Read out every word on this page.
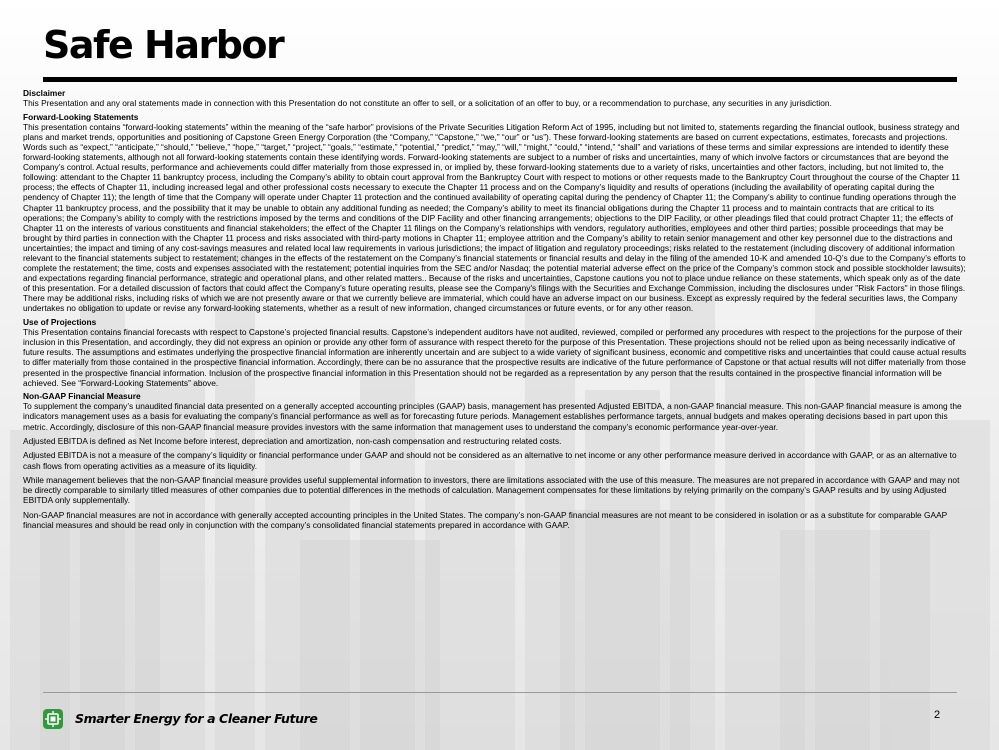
Safe Harbor
Disclaimer

This Presentation and any oral statements made in connection with this Presentation do not constitute an offer to sell, or a solicitation of an offer to buy, or a recommendation to purchase, any securities in any jurisdiction.

Forward-Looking Statements

This presentation contains “forward-looking statements” within the meaning of the “safe harbor” provisions of the Private Securities Litigation Reform Act of 1995, including but not limited to, statements regarding the financial outlook, business strategy and plans and market trends, opportunities and positioning of Capstone Green Energy Corporation (the “Company,” “Capstone,” “we,” “our” or “us”). These forward-looking statements are based on current expectations, estimates, forecasts and projections. Words such as “expect,” “anticipate,” “should,” “believe,” “hope,” “target,” “project,” “goals,” “estimate,” “potential,” “predict,” “may,” “will,” “might,” “could,” “intend,” “shall” and variations of these terms and similar expressions are intended to identify these forward-looking statements, although not all forward-looking statements contain these identifying words. Forward-looking statements are subject to a number of risks and uncertainties, many of which involve factors or circumstances that are beyond the Company’s control. Actual results, performance and achievements could differ materially from those expressed in, or implied by, these forward-looking statements due to a variety of risks, uncertainties and other factors, including, but not limited to, the following: attendant to the Chapter 11 bankruptcy process, including the Company’s ability to obtain court approval from the Bankruptcy Court with respect to motions or other requests made to the Bankruptcy Court throughout the course of the Chapter 11 process; the effects of Chapter 11, including increased legal and other professional costs necessary to execute the Chapter 11 process and on the Company’s liquidity and results of operations (including the availability of operating capital during the pendency of Chapter 11); the length of time that the Company will operate under Chapter 11 protection and the continued availability of operating capital during the pendency of Chapter 11; the Company’s ability to continue funding operations through the Chapter 11 bankruptcy process, and the possibility that it may be unable to obtain any additional funding as needed; the Company’s ability to meet its financial obligations during the Chapter 11 process and to maintain contracts that are critical to its operations; the Company’s ability to comply with the restrictions imposed by the terms and conditions of the DIP Facility and other financing arrangements; objections to the DIP Facility, or other pleadings filed that could protract Chapter 11; the effects of Chapter 11 on the interests of various constituents and financial stakeholders; the effect of the Chapter 11 filings on the Company’s relationships with vendors, regulatory authorities, employees and other third parties; possible proceedings that may be brought by third parties in connection with the Chapter 11 process and risks associated with third-party motions in Chapter 11; employee attrition and the Company’s ability to retain senior management and other key personnel due to the distractions and uncertainties; the impact and timing of any cost-savings measures and related local law requirements in various jurisdictions; the impact of litigation and regulatory proceedings; risks related to the restatement (including discovery of additional information relevant to the financial statements subject to restatement; changes in the effects of the restatement on the Company’s financial statements or financial results and delay in the filing of the amended 10-K and amended 10-Q’s due to the Company’s efforts to complete the restatement; the time, costs and expenses associated with the restatement; potential inquiries from the SEC and/or Nasdaq; the potential material adverse effect on the price of the Company’s common stock and possible stockholder lawsuits); and expectations regarding financial performance, strategic and operational plans, and other related matters.. Because of the risks and uncertainties, Capstone cautions you not to place undue reliance on these statements, which speak only as of the date of this presentation. For a detailed discussion of factors that could affect the Company's future operating results, please see the Company's filings with the Securities and Exchange Commission, including the disclosures under "Risk Factors" in those filings. There may be additional risks, including risks of which we are not presently aware or that we currently believe are immaterial, which could have an adverse impact on our business. Except as expressly required by the federal securities laws, the Company undertakes no obligation to update or revise any forward-looking statements, whether as a result of new information, changed circumstances or future events, or for any other reason.

Use of Projections

This Presentation contains financial forecasts with respect to Capstone’s projected financial results. Capstone’s independent auditors have not audited, reviewed, compiled or performed any procedures with respect to the projections for the purpose of their inclusion in this Presentation, and accordingly, they did not express an opinion or provide any other form of assurance with respect thereto for the purpose of this Presentation. These projections should not be relied upon as being necessarily indicative of future results. The assumptions and estimates underlying the prospective financial information are inherently uncertain and are subject to a wide variety of significant business, economic and competitive risks and uncertainties that could cause actual results to differ materially from those contained in the prospective financial information. Accordingly, there can be no assurance that the prospective results are indicative of the future performance of Capstone or that actual results will not differ materially from those presented in the prospective financial information. Inclusion of the prospective financial information in this Presentation should not be regarded as a representation by any person that the results contained in the prospective financial information will be achieved. See “Forward-Looking Statements” above.

Non-GAAP Financial Measure

To supplement the company’s unaudited financial data presented on a generally accepted accounting principles (GAAP) basis, management has presented Adjusted EBITDA, a non-GAAP financial measure. This non-GAAP financial measure is among the indicators management uses as a basis for evaluating the company’s financial performance as well as for forecasting future periods. Management establishes performance targets, annual budgets and makes operating decisions based in part upon this metric. Accordingly, disclosure of this non-GAAP financial measure provides investors with the same information that management uses to understand the company’s economic performance year-over-year.

Adjusted EBITDA is defined as Net Income before interest, depreciation and amortization, non-cash compensation and restructuring related costs.

Adjusted EBITDA is not a measure of the company’s liquidity or financial performance under GAAP and should not be considered as an alternative to net income or any other performance measure derived in accordance with GAAP, or as an alternative to cash flows from operating activities as a measure of its liquidity.

While management believes that the non-GAAP financial measure provides useful supplemental information to investors, there are limitations associated with the use of this measure. The measures are not prepared in accordance with GAAP and may not be directly comparable to similarly titled measures of other companies due to potential differences in the methods of calculation. Management compensates for these limitations by relying primarily on the company’s GAAP results and by using Adjusted EBITDA only supplementally.

Non-GAAP financial measures are not in accordance with generally accepted accounting principles in the United States. The company’s non-GAAP financial measures are not meant to be considered in isolation or as a substitute for comparable GAAP financial measures and should be read only in conjunction with the company’s consolidated financial statements prepared in accordance with GAAP.

Smarter Energy for a Cleaner Future	2
